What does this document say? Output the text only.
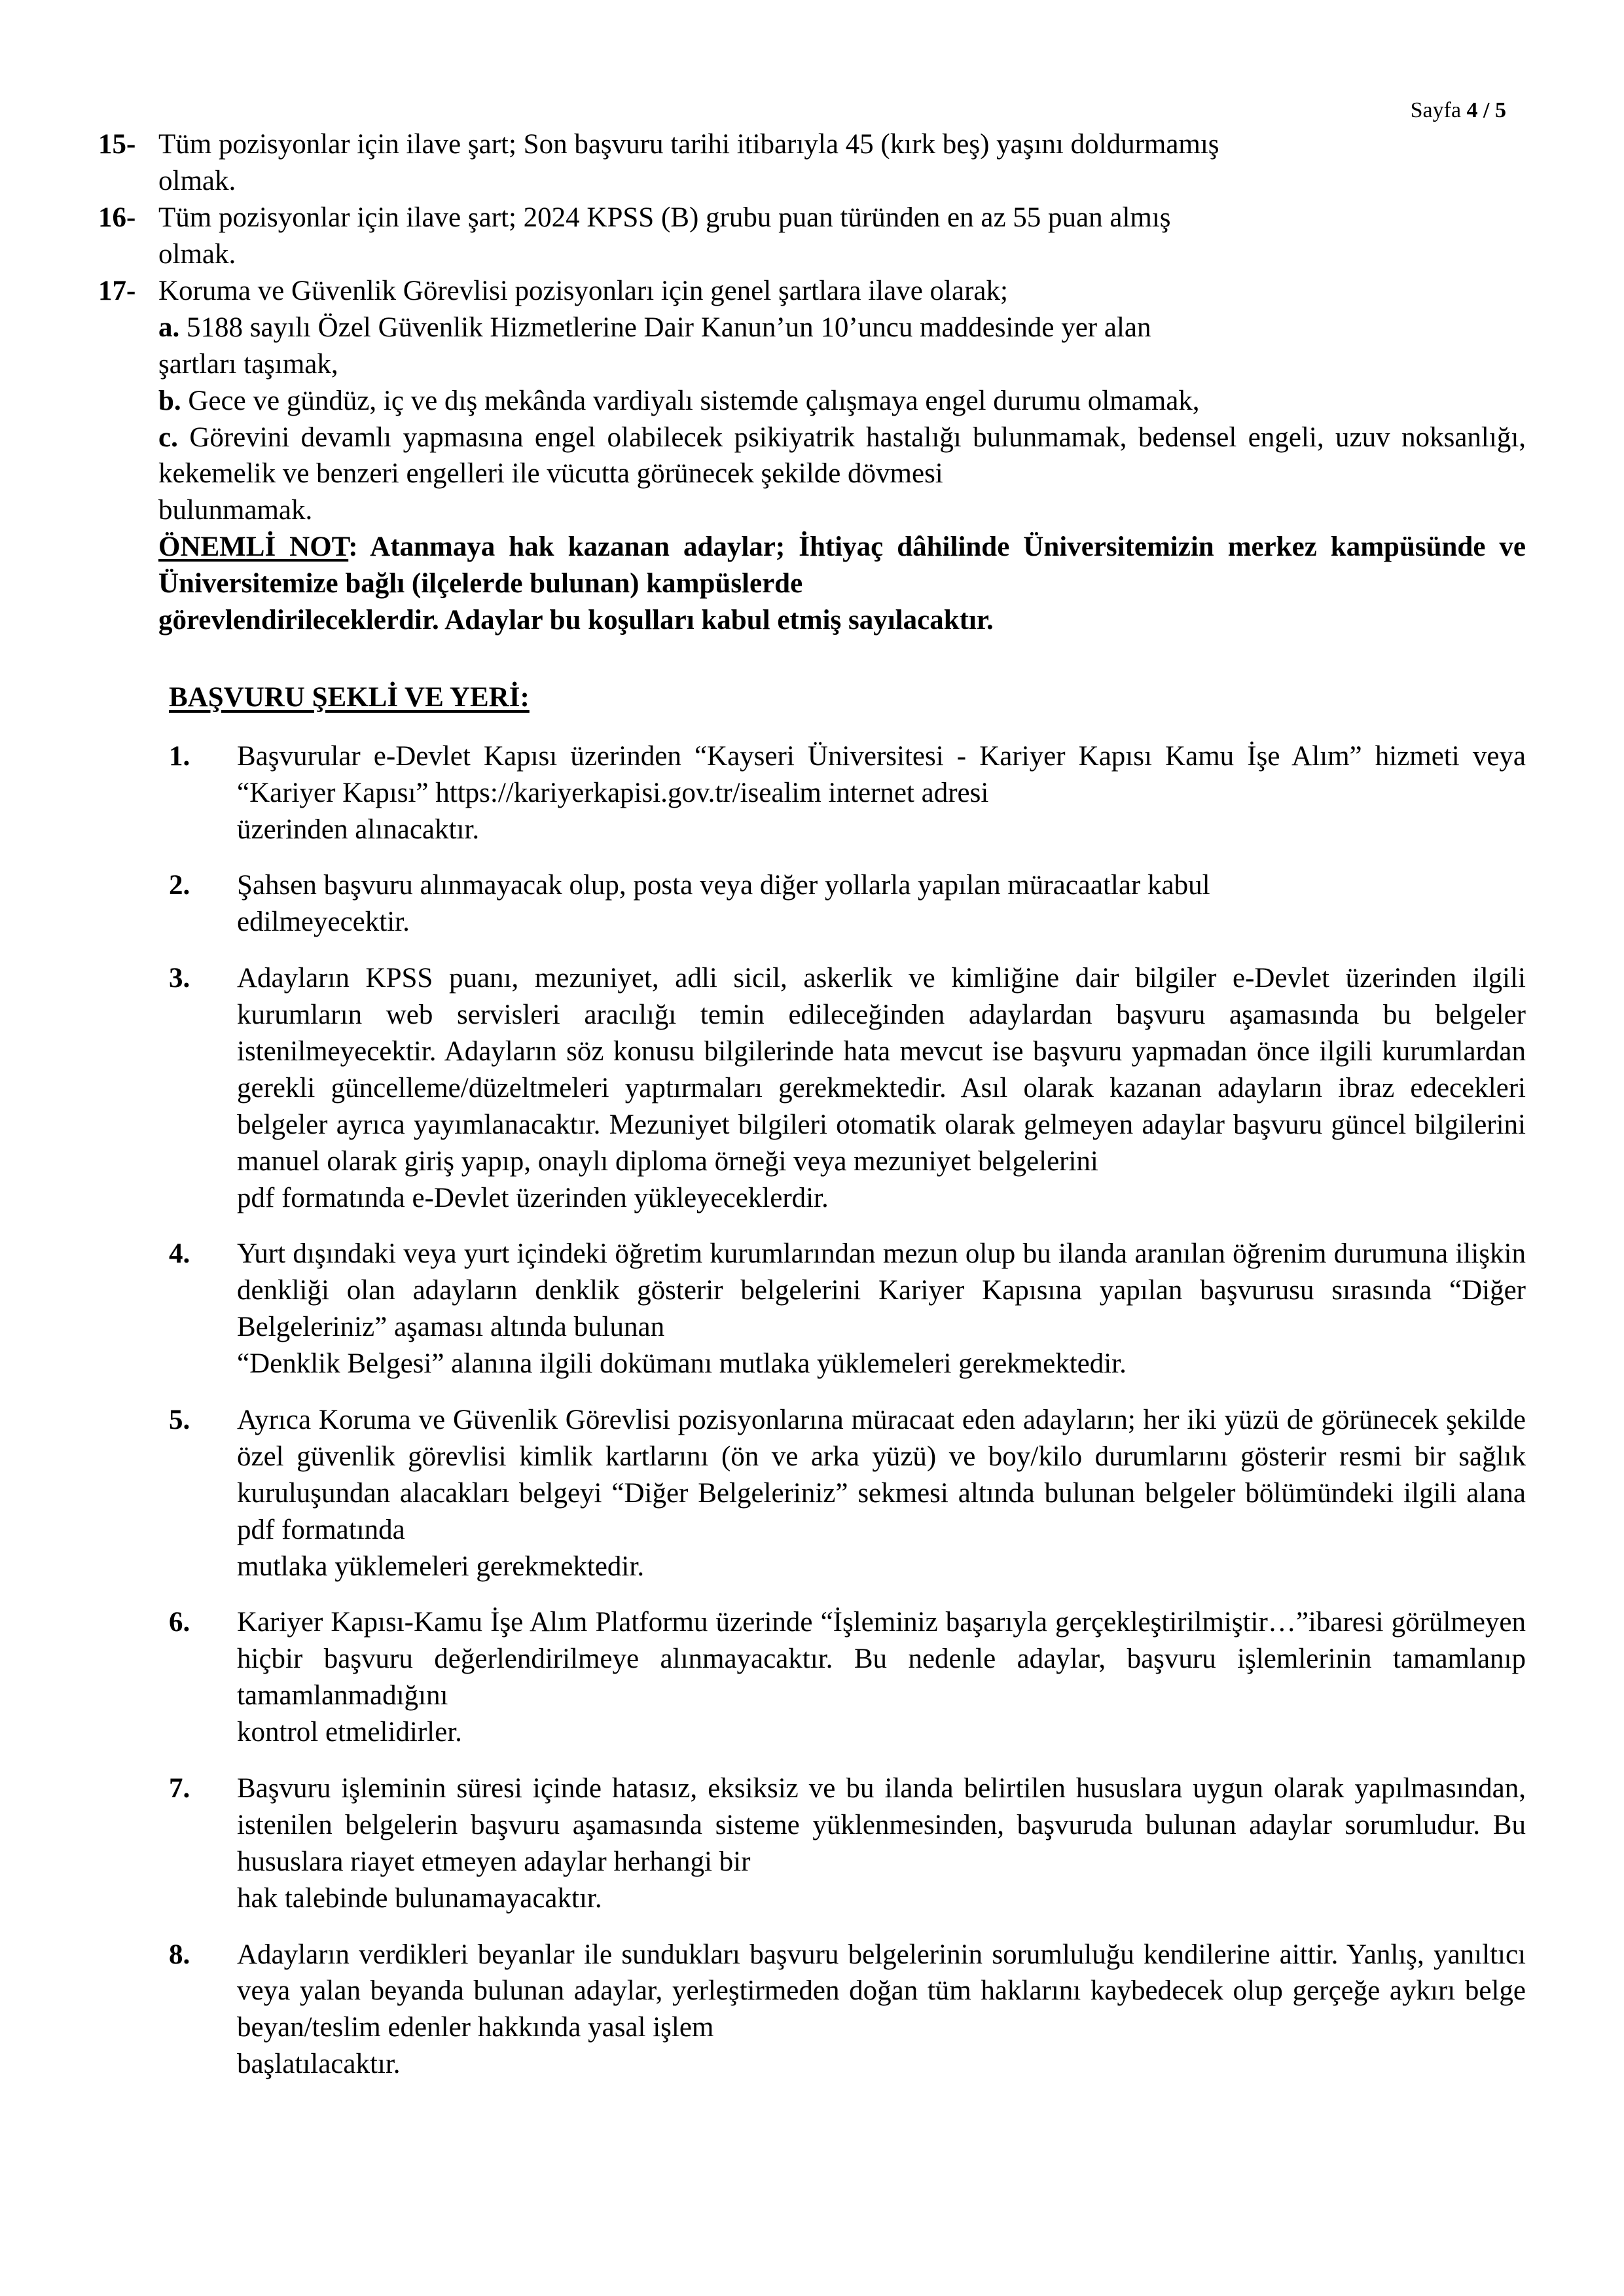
Sayfa 4 / 5
15- Tüm pozisyonlar için ilave şart; Son başvuru tarihi itibarıyla 45 (kırk beş) yaşını doldurmamış
olmak.
16- Tüm pozisyonlar için ilave şart; 2024 KPSS (B) grubu puan türünden en az 55 puan almış
olmak.
17- Koruma ve Güvenlik Görevlisi pozisyonları için genel şartlara ilave olarak;
a. 5188 sayılı Özel Güvenlik Hizmetlerine Dair Kanun’un 10’uncu maddesinde yer alan
şartları taşımak,
b. Gece ve gündüz, iç ve dış mekânda vardiyalı sistemde çalışmaya engel durumu olmamak,
c. Görevini devamlı yapmasına engel olabilecek psikiyatrik hastalığı bulunmamak, bedensel engeli, uzuv noksanlığı, kekemelik ve benzeri engelleri ile vücutta görünecek şekilde dövmesi
bulunmamak.
ÖNEMLİ NOT: Atanmaya hak kazanan adaylar; İhtiyaç dâhilinde Üniversitemizin merkez kampüsünde ve Üniversitemize bağlı (ilçelerde bulunan) kampüslerde
görevlendirileceklerdir. Adaylar bu koşulları kabul etmiş sayılacaktır.
BAŞVURU ŞEKLİ VE YERİ:
1. Başvurular e-Devlet Kapısı üzerinden “Kayseri Üniversitesi - Kariyer Kapısı Kamu İşe Alım” hizmeti veya “Kariyer Kapısı” https://kariyerkapisi.gov.tr/isealim internet adresi
üzerinden alınacaktır.
2. Şahsen başvuru alınmayacak olup, posta veya diğer yollarla yapılan müracaatlar kabul
edilmeyecektir.
3. Adayların KPSS puanı, mezuniyet, adli sicil, askerlik ve kimliğine dair bilgiler e-Devlet üzerinden ilgili kurumların web servisleri aracılığı temin edileceğinden adaylardan başvuru aşamasında bu belgeler istenilmeyecektir. Adayların söz konusu bilgilerinde hata mevcut ise başvuru yapmadan önce ilgili kurumlardan gerekli güncelleme/düzeltmeleri yaptırmaları gerekmektedir. Asıl olarak kazanan adayların ibraz edecekleri belgeler ayrıca yayımlanacaktır. Mezuniyet bilgileri otomatik olarak gelmeyen adaylar başvuru güncel bilgilerini manuel olarak giriş yapıp, onaylı diploma örneği veya mezuniyet belgelerini
pdf formatında e-Devlet üzerinden yükleyeceklerdir.
4. Yurt dışındaki veya yurt içindeki öğretim kurumlarından mezun olup bu ilanda aranılan öğrenim durumuna ilişkin denkliği olan adayların denklik gösterir belgelerini Kariyer Kapısına yapılan başvurusu sırasında “Diğer Belgeleriniz” aşaması altında bulunan
“Denklik Belgesi” alanına ilgili dokümanı mutlaka yüklemeleri gerekmektedir.
5. Ayrıca Koruma ve Güvenlik Görevlisi pozisyonlarına müracaat eden adayların; her iki yüzü de görünecek şekilde özel güvenlik görevlisi kimlik kartlarını (ön ve arka yüzü) ve boy/kilo durumlarını gösterir resmi bir sağlık kuruluşundan alacakları belgeyi “Diğer Belgeleriniz” sekmesi altında bulunan belgeler bölümündeki ilgili alana pdf formatında
mutlaka yüklemeleri gerekmektedir.
6. Kariyer Kapısı-Kamu İşe Alım Platformu üzerinde “İşleminiz başarıyla gerçekleştirilmiştir…”ibaresi görülmeyen hiçbir başvuru değerlendirilmeye alınmayacaktır. Bu nedenle adaylar, başvuru işlemlerinin tamamlanıp tamamlanmadığını
kontrol etmelidirler.
7. Başvuru işleminin süresi içinde hatasız, eksiksiz ve bu ilanda belirtilen hususlara uygun olarak yapılmasından, istenilen belgelerin başvuru aşamasında sisteme yüklenmesinden, başvuruda bulunan adaylar sorumludur. Bu hususlara riayet etmeyen adaylar herhangi bir
hak talebinde bulunamayacaktır.
8. Adayların verdikleri beyanlar ile sundukları başvuru belgelerinin sorumluluğu kendilerine aittir. Yanlış, yanıltıcı veya yalan beyanda bulunan adaylar, yerleştirmeden doğan tüm haklarını kaybedecek olup gerçeğe aykırı belge beyan/teslim edenler hakkında yasal işlem
başlatılacaktır.
